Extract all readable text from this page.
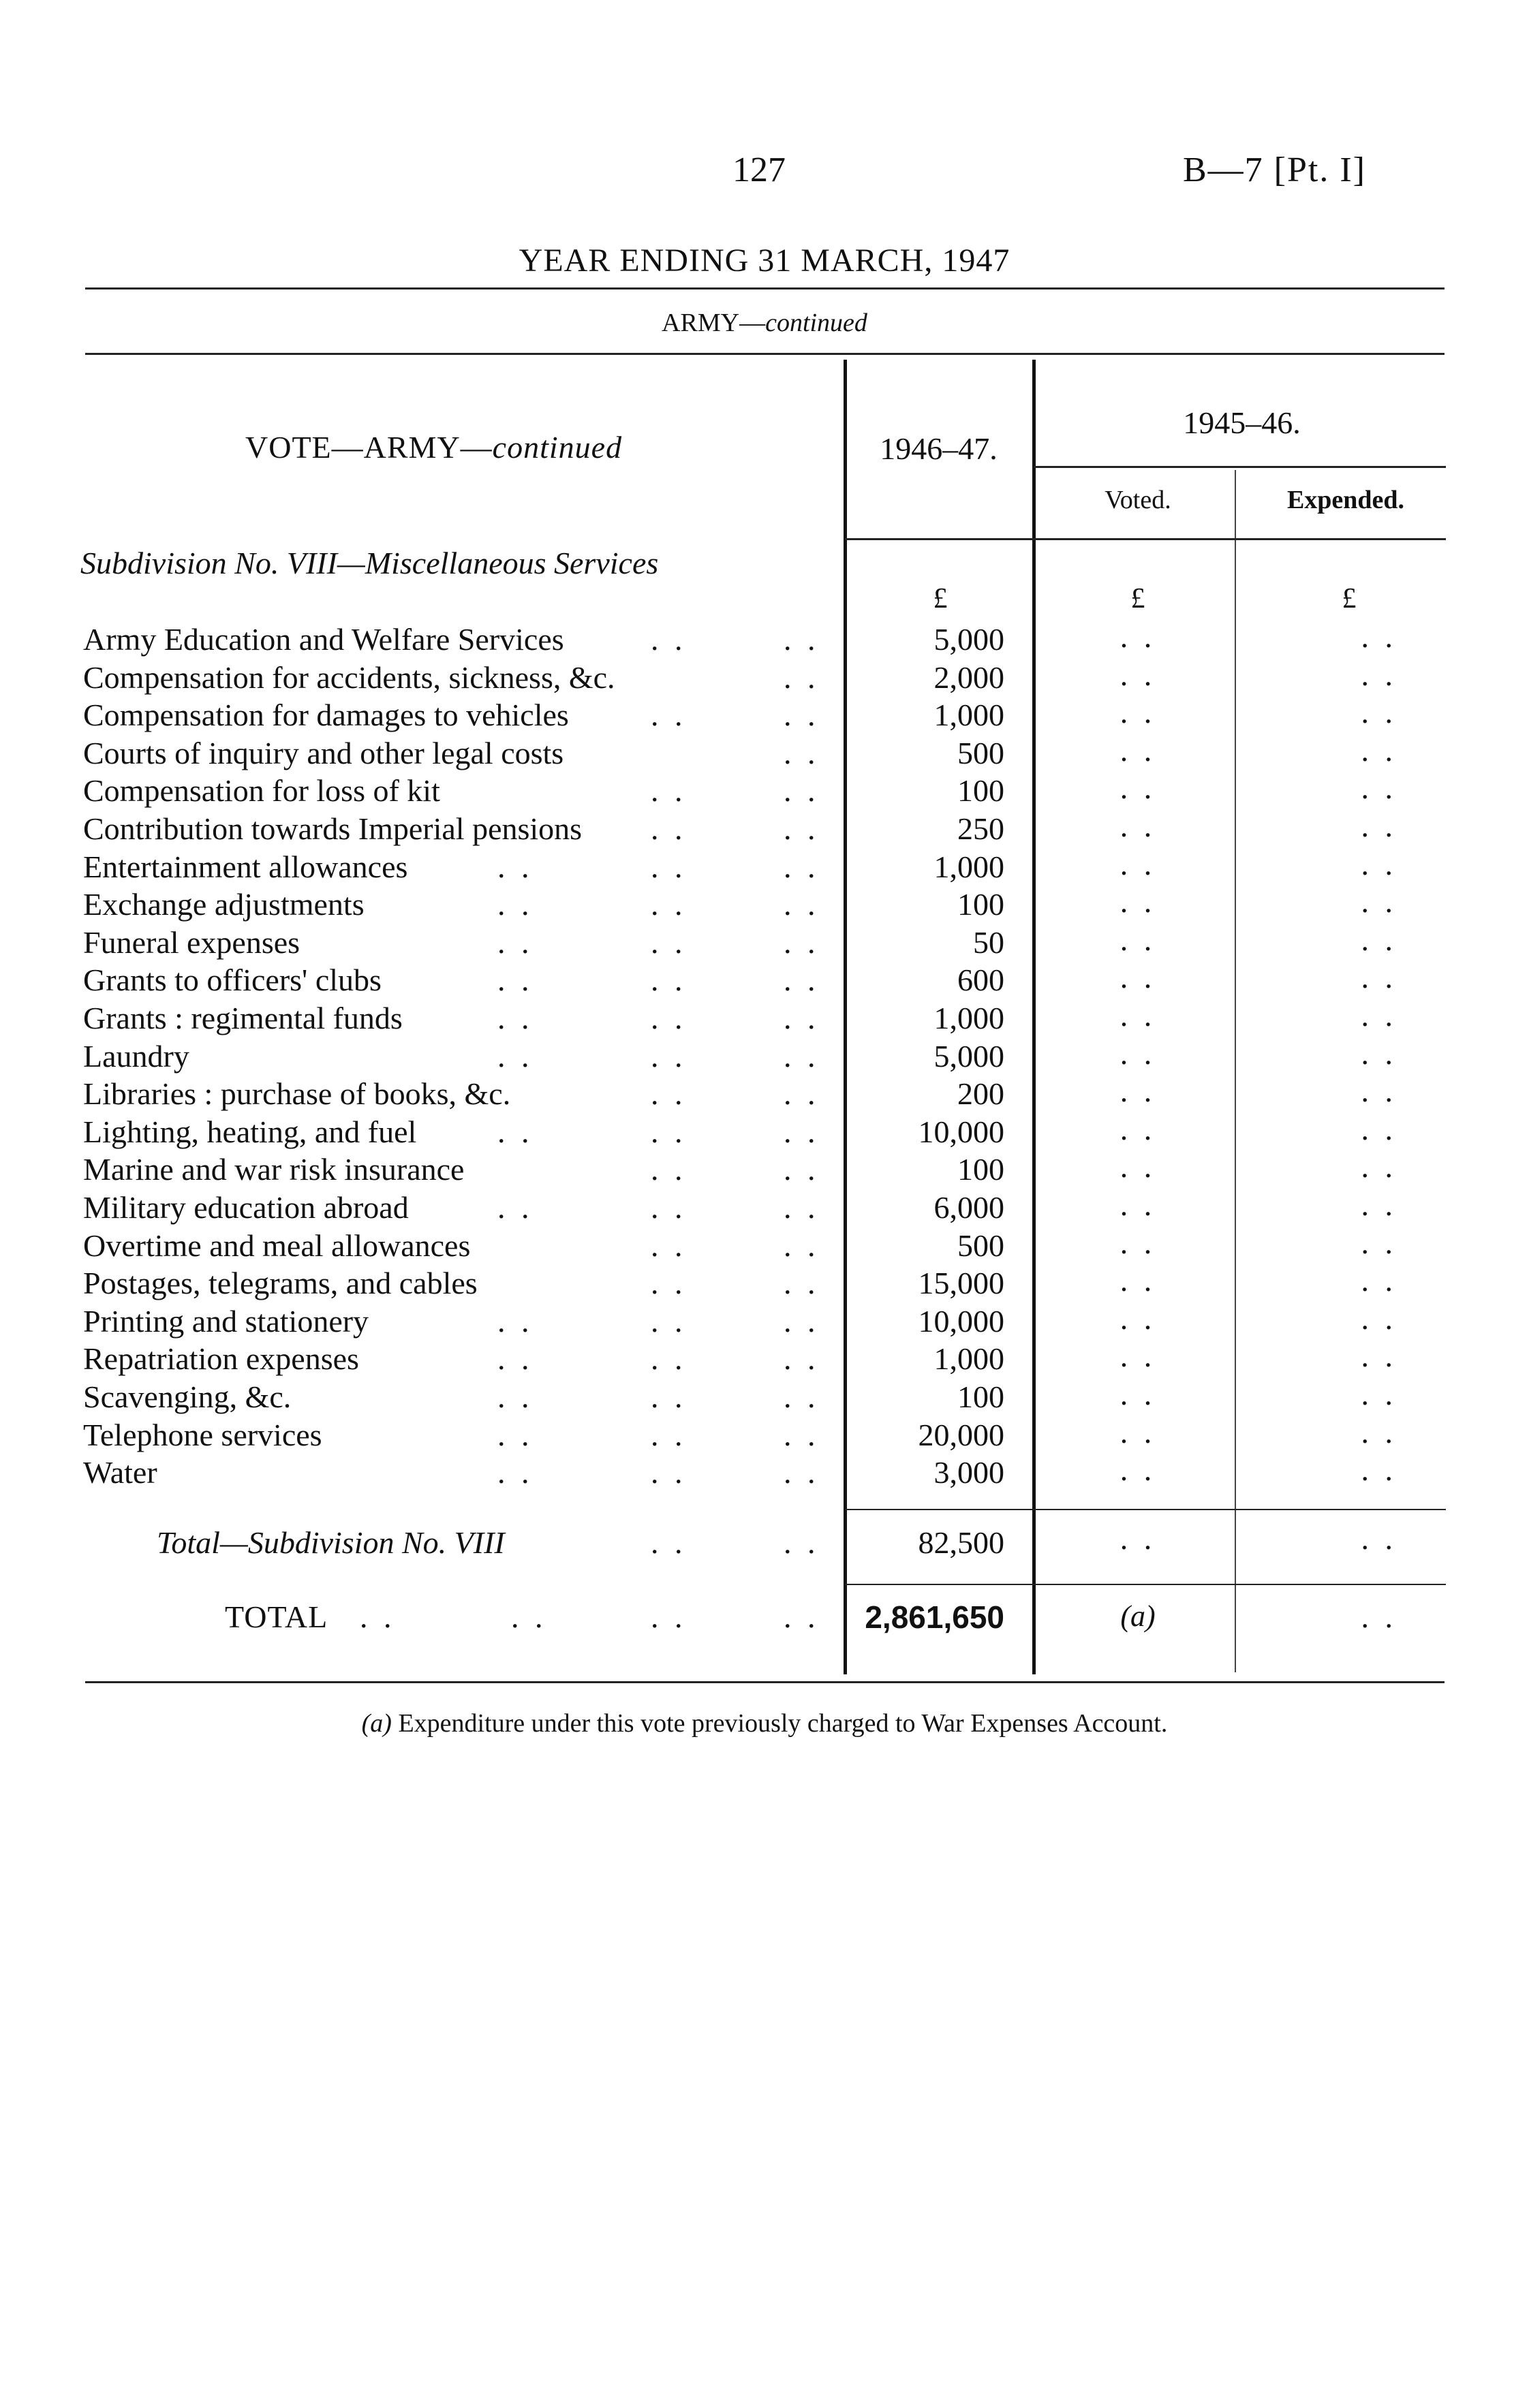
127	B—7 [Pt. I]
YEAR ENDING 31 MARCH, 1947
ARMY—continued
VOTE—ARMY—continued	1946–47.
1945–46.
Voted.	Expended.
Subdivision No. VIII—Miscellaneous Services
£	£	£
Army Education and Welfare Services	. .	. .	5,000	. .	. .
Compensation for accidents, sickness, &c.	. .	2,000	. .	. .
Compensation for damages to vehicles	. .	. .	1,000	. .	. .
Courts of inquiry and other legal costs	. .	500	. .	. .
Compensation for loss of kit	. .	. .	100	. .	. .
Contribution towards Imperial pensions . .	. .	250	. .	. .
Entertainment allowances	. .	. .	. .	1,000	. .	. .
Exchange adjustments	. .	. .	. .	100	. .	. .
Funeral expenses	. .	. .	. .	50	. .	. .
Grants to officers' clubs	. .	. .	. .	600	. .	. .
Grants : regimental funds	. .	. .	. .	1,000	. .	. .
Laundry	. .	. .	. .	5,000	. .	. .
Libraries : purchase of books, &c.	. .	. .	200	. .	. .
Lighting, heating, and fuel	. .	. .	. .	10,000	. .	. .
Marine and war risk insurance	. .	. .	100	. .	. .
Military education abroad	. .	. .	. .	6,000	. .	. .
Overtime and meal allowances	. .	. .	500	. .	. .
Postages, telegrams, and cables	. .	. .	15,000	. .	. .
Printing and stationery	. .	. .	. .	10,000	. .	. .
Repatriation expenses	. .	. .	. .	1,000	. .	. .
Scavenging, &c.	. .	. .	. .	100	. .	. .
Telephone services	. .	. .	. .	20,000	. .	. .
Water	. .	. .	. .	3,000	. .	. .
Total—Subdivision No. VIII	. .	. .	82,500	. .	. .
TOTAL . .	. .	. .	. .	2,861,650	(a)	. .
(a) Expenditure under this vote previously charged to War Expenses Account.
